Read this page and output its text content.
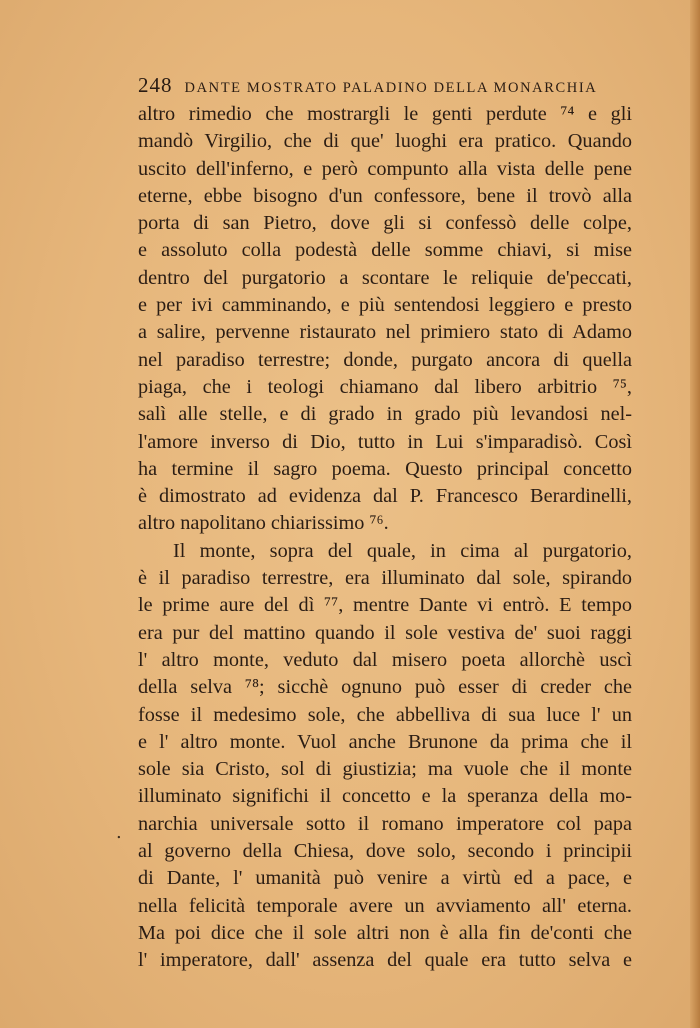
248 DANTE MOSTRATO PALADINO DELLA MONARCHIA
altro rimedio che mostrargli le genti perdute ⁷⁴ e gli
mandò Virgilio, che di que' luoghi era pratico. Quando
uscito dell'inferno, e però compunto alla vista delle pene
eterne, ebbe bisogno d'un confessore, bene il trovò alla
porta di san Pietro, dove gli si confessò delle colpe,
e assoluto colla podestà delle somme chiavi, si mise
dentro del purgatorio a scontare le reliquie de'peccati,
e per ivi camminando, e più sentendosi leggiero e presto
a salire, pervenne ristaurato nel primiero stato di Adamo
nel paradiso terrestre; donde, purgato ancora di quella
piaga, che i teologi chiamano dal libero arbitrio ⁷⁵,
salì alle stelle, e di grado in grado più levandosi nel-
l'amore inverso di Dio, tutto in Lui s'imparadisò. Così
ha termine il sagro poema. Questo principal concetto
è dimostrato ad evidenza dal P. Francesco Berardinelli,
altro napolitano chiarissimo ⁷⁶.
Il monte, sopra del quale, in cima al purgatorio,
è il paradiso terrestre, era illuminato dal sole, spirando
le prime aure del dì ⁷⁷, mentre Dante vi entrò. E tempo
era pur del mattino quando il sole vestiva de' suoi raggi
l' altro monte, veduto dal misero poeta allorchè uscì
della selva ⁷⁸; sicchè ognuno può esser di creder che
fosse il medesimo sole, che abbelliva di sua luce l' un
e l' altro monte. Vuol anche Brunone da prima che il
sole sia Cristo, sol di giustizia; ma vuole che il monte
illuminato significhi il concetto e la speranza della mo-
narchia universale sotto il romano imperatore col papa
al governo della Chiesa, dove solo, secondo i principii
di Dante, l' umanità può venire a virtù ed a pace, e
nella felicità temporale avere un avviamento all' eterna.
Ma poi dice che il sole altri non è alla fin de'conti che
l' imperatore, dall' assenza del quale era tutto selva e
.
